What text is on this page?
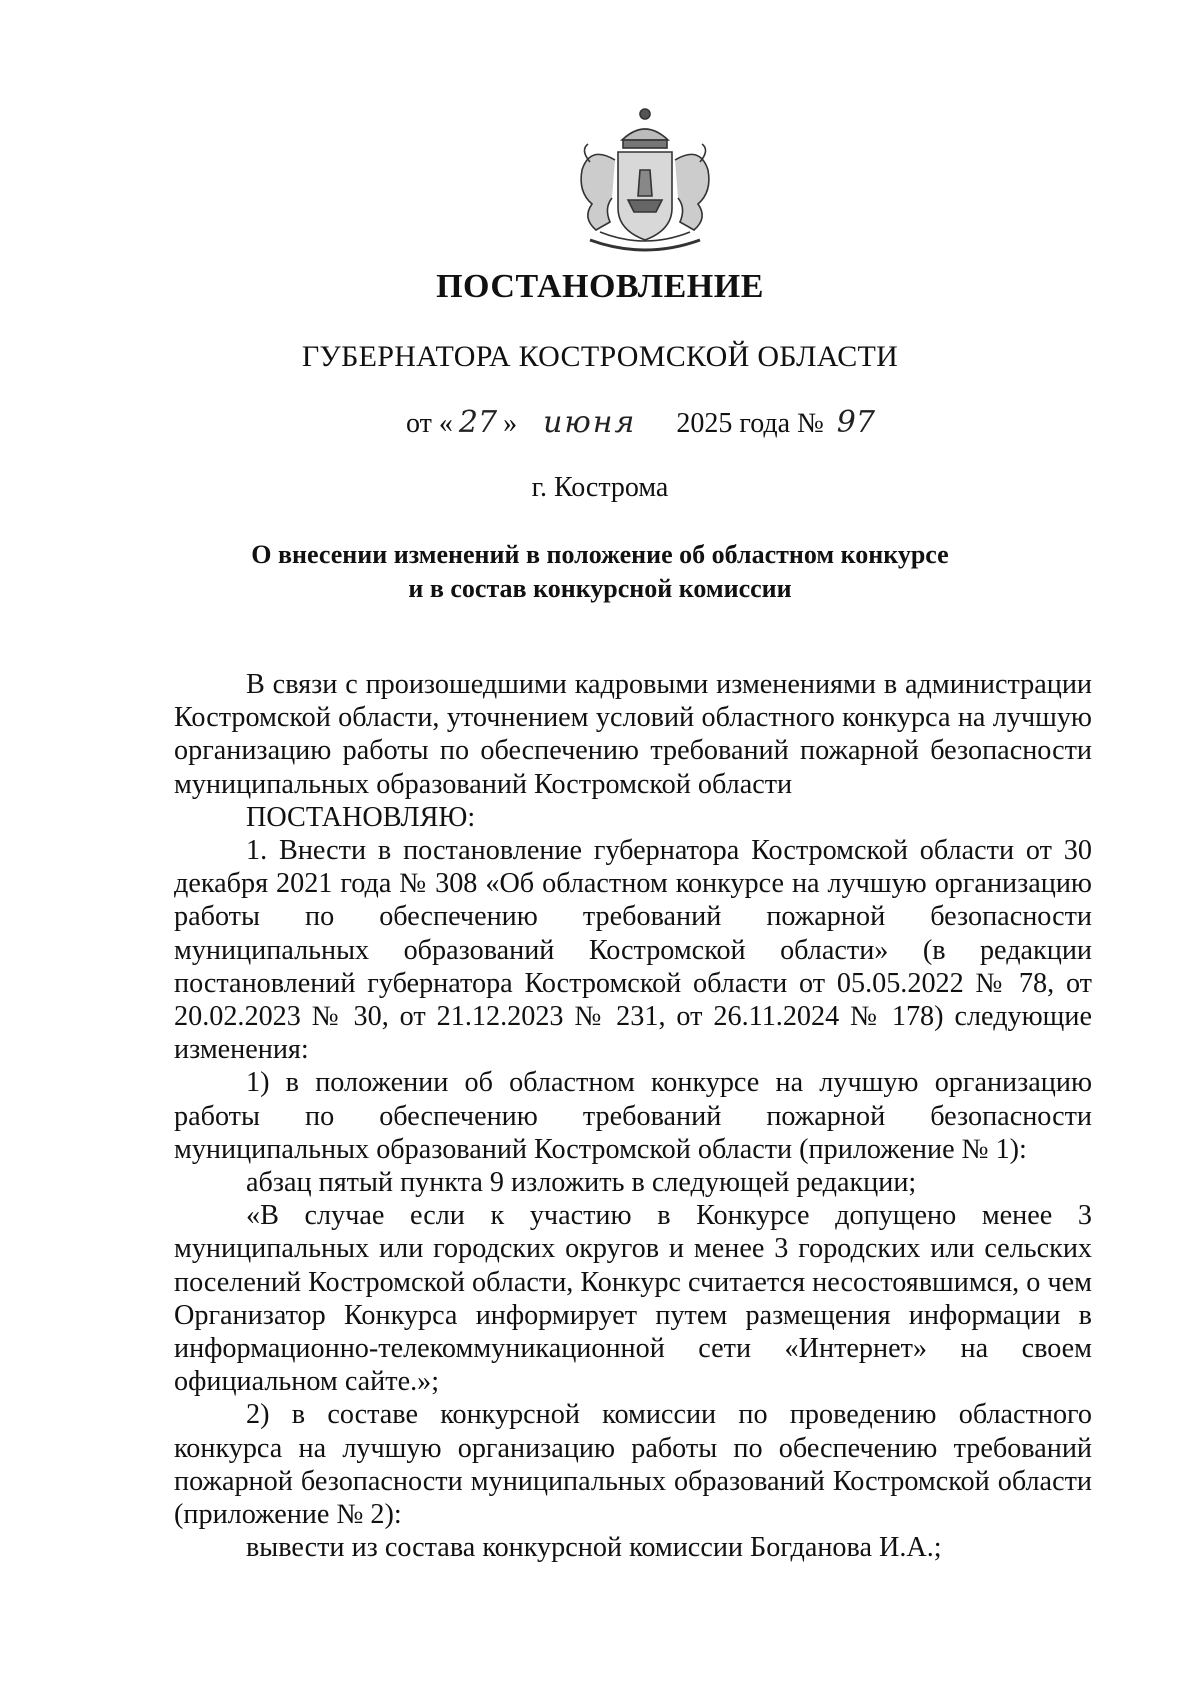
ПОСТАНОВЛЕНИЕ
ГУБЕРНАТОРА КОСТРОМСКОЙ ОБЛАСТИ
от « 27 » июня 2025 года № 97
г. Кострома
О внесении изменений в положение об областном конкурсе
и в состав конкурсной комиссии

В связи с произошедшими кадровыми изменениями в администрации Костромской области, уточнением условий областного конкурса на лучшую организацию работы по обеспечению требований пожарной безопасности муниципальных образований Костромской области

ПОСТАНОВЛЯЮ:

1. Внести в постановление губернатора Костромской области от 30 декабря 2021 года № 308 «Об областном конкурсе на лучшую организацию работы по обеспечению требований пожарной безопасности муниципальных образований Костромской области» (в редакции постановлений губернатора Костромской области от 05.05.2022 № 78, от 20.02.2023 № 30, от 21.12.2023 № 231, от 26.11.2024 № 178) следующие изменения:

1) в положении об областном конкурсе на лучшую организацию работы по обеспечению требований пожарной безопасности муниципальных образований Костромской области (приложение № 1):

абзац пятый пункта 9 изложить в следующей редакции;

«В случае если к участию в Конкурсе допущено менее 3 муниципальных или городских округов и менее 3 городских или сельских поселений Костромской области, Конкурс считается несостоявшимся, о чем Организатор Конкурса информирует путем размещения информации в информационно-телекоммуникационной сети «Интернет» на своем официальном сайте.»;

2) в составе конкурсной комиссии по проведению областного конкурса на лучшую организацию работы по обеспечению требований пожарной безопасности муниципальных образований Костромской области (приложение № 2):

вывести из состава конкурсной комиссии Богданова И.А.;
